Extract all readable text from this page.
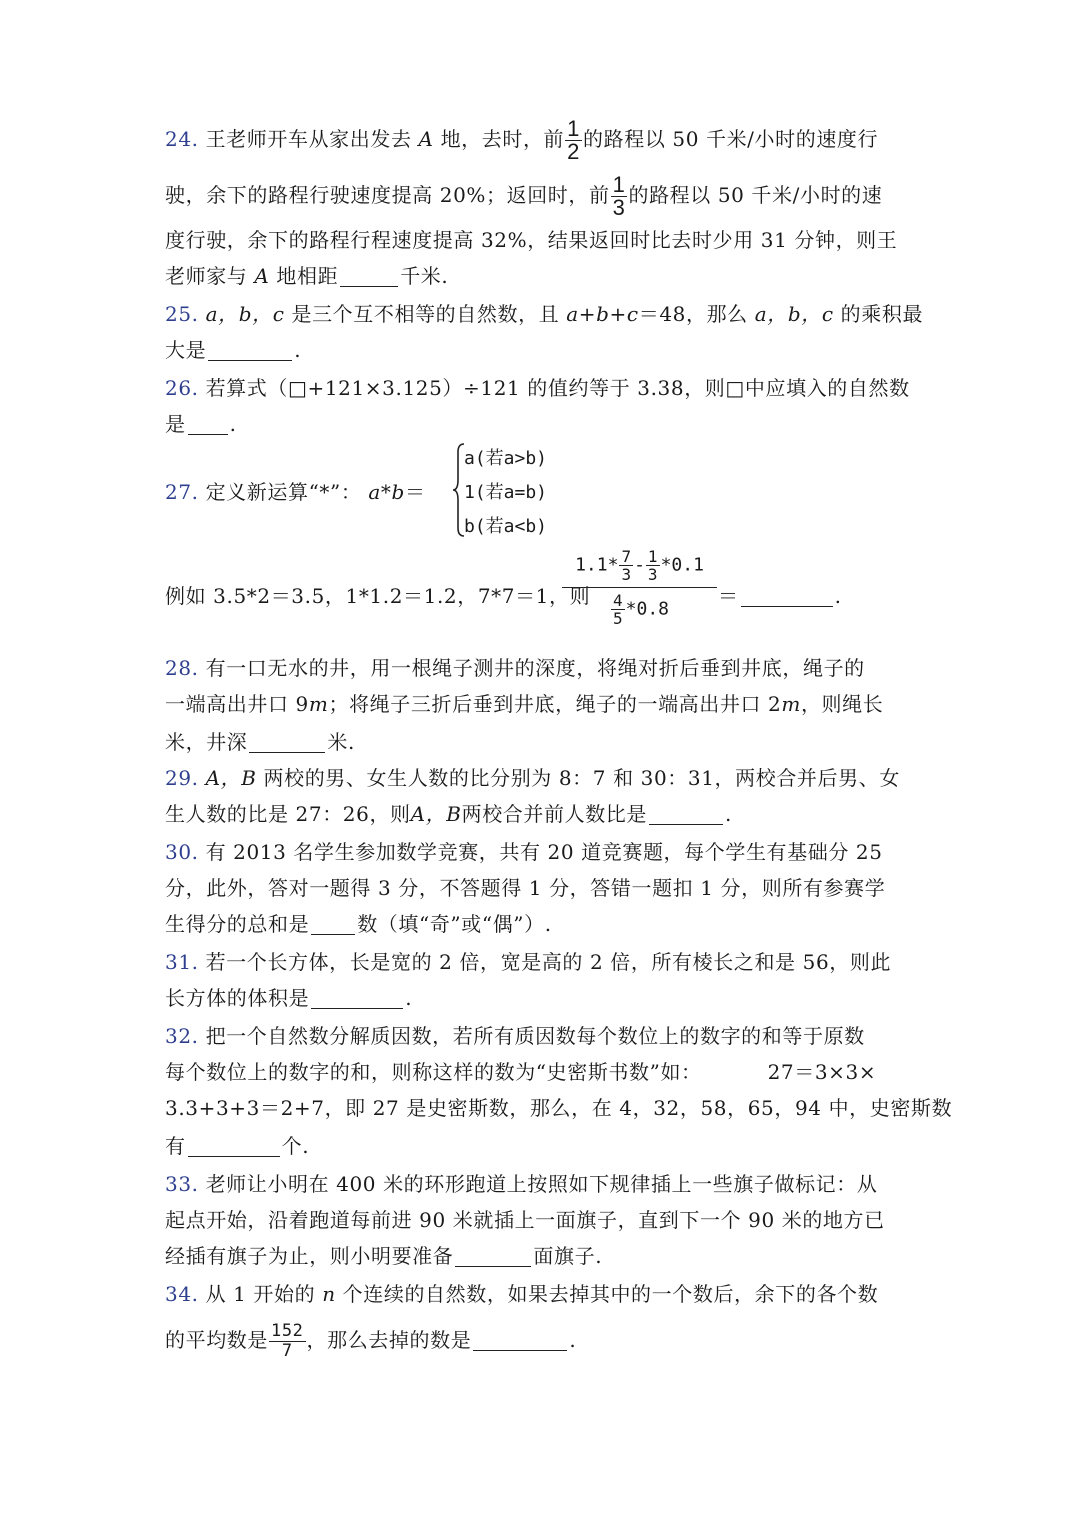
24. 王老师开车从家出发去 A 地，去时，前 $\frac{1}{2}$ 的路程以 50 千米/小时的速度行
驶，余下的路程行驶速度提高 20%；返回时，前 $\frac{1}{3}$ 的路程以 50 千米/小时的速
度行驶，余下的路程行程速度提高 32%，结果返回时比去时少用 31 分钟，则王
老师家与 A 地相距	千米.
25. a，b，c 是三个互不相等的自然数，且 a+b+c＝48，那么 a，b，c 的乘积最
大是	.
26. 若算式（□+121×3.125）÷121 的值约等于 3.38，则□中应填入的自然数
是 .
27. 定义新运算“*”： a*b＝
a(若a>b)
1(若a=b)
b(若a<b)
例如 3.5*2＝3.5，1*1.2＝1.2，7*7＝1，则
$\frac{1.1* \frac{7}{3} - \frac{1}{3} *0.1}{\frac{4}{5} *0.8}$ ＝	.
28. 有一口无水的井，用一根绳子测井的深度，将绳对折后垂到井底，绳子的
一端高出井口 9m；将绳子三折后垂到井底，绳子的一端高出井口 2m，则绳长
米，井深	米.
29. A，B 两校的男、女生人数的比分别为 8：7 和 30：31，两校合并后男、女
生人数的比是 27：26，则A，B两校合并前人数比是	.
30. 有 2013 名学生参加数学竞赛，共有 20 道竞赛题，每个学生有基础分 25
分，此外，答对一题得 3 分，不答题得 1 分，答错一题扣 1 分，则所有参赛学
生得分的总和是 数（填“奇”或“偶”）.
31. 若一个长方体，长是宽的 2 倍，宽是高的 2 倍，所有棱长之和是 56，则此
长方体的体积是	.
32. 把一个自然数分解质因数，若所有质因数每个数位上的数字的和等于原数
每个数位上的数字的和，则称这样的数为“史密斯书数”如：	27＝3×3×
3.3+3+3＝2+7，即 27 是史密斯数，那么，在 4，32，58，65，94 中，史密斯数
有	个.
33. 老师让小明在 400 米的环形跑道上按照如下规律插上一些旗子做标记：从
起点开始，沿着跑道每前进 90 米就插上一面旗子，直到下一个 90 米的地方已
经插有旗子为止，则小明要准备	面旗子.
34. 从 1 开始的 n 个连续的自然数，如果去掉其中的一个数后，余下的各个数
的平均数是 $\frac{152}{7}$ ，那么去掉的数是	.
